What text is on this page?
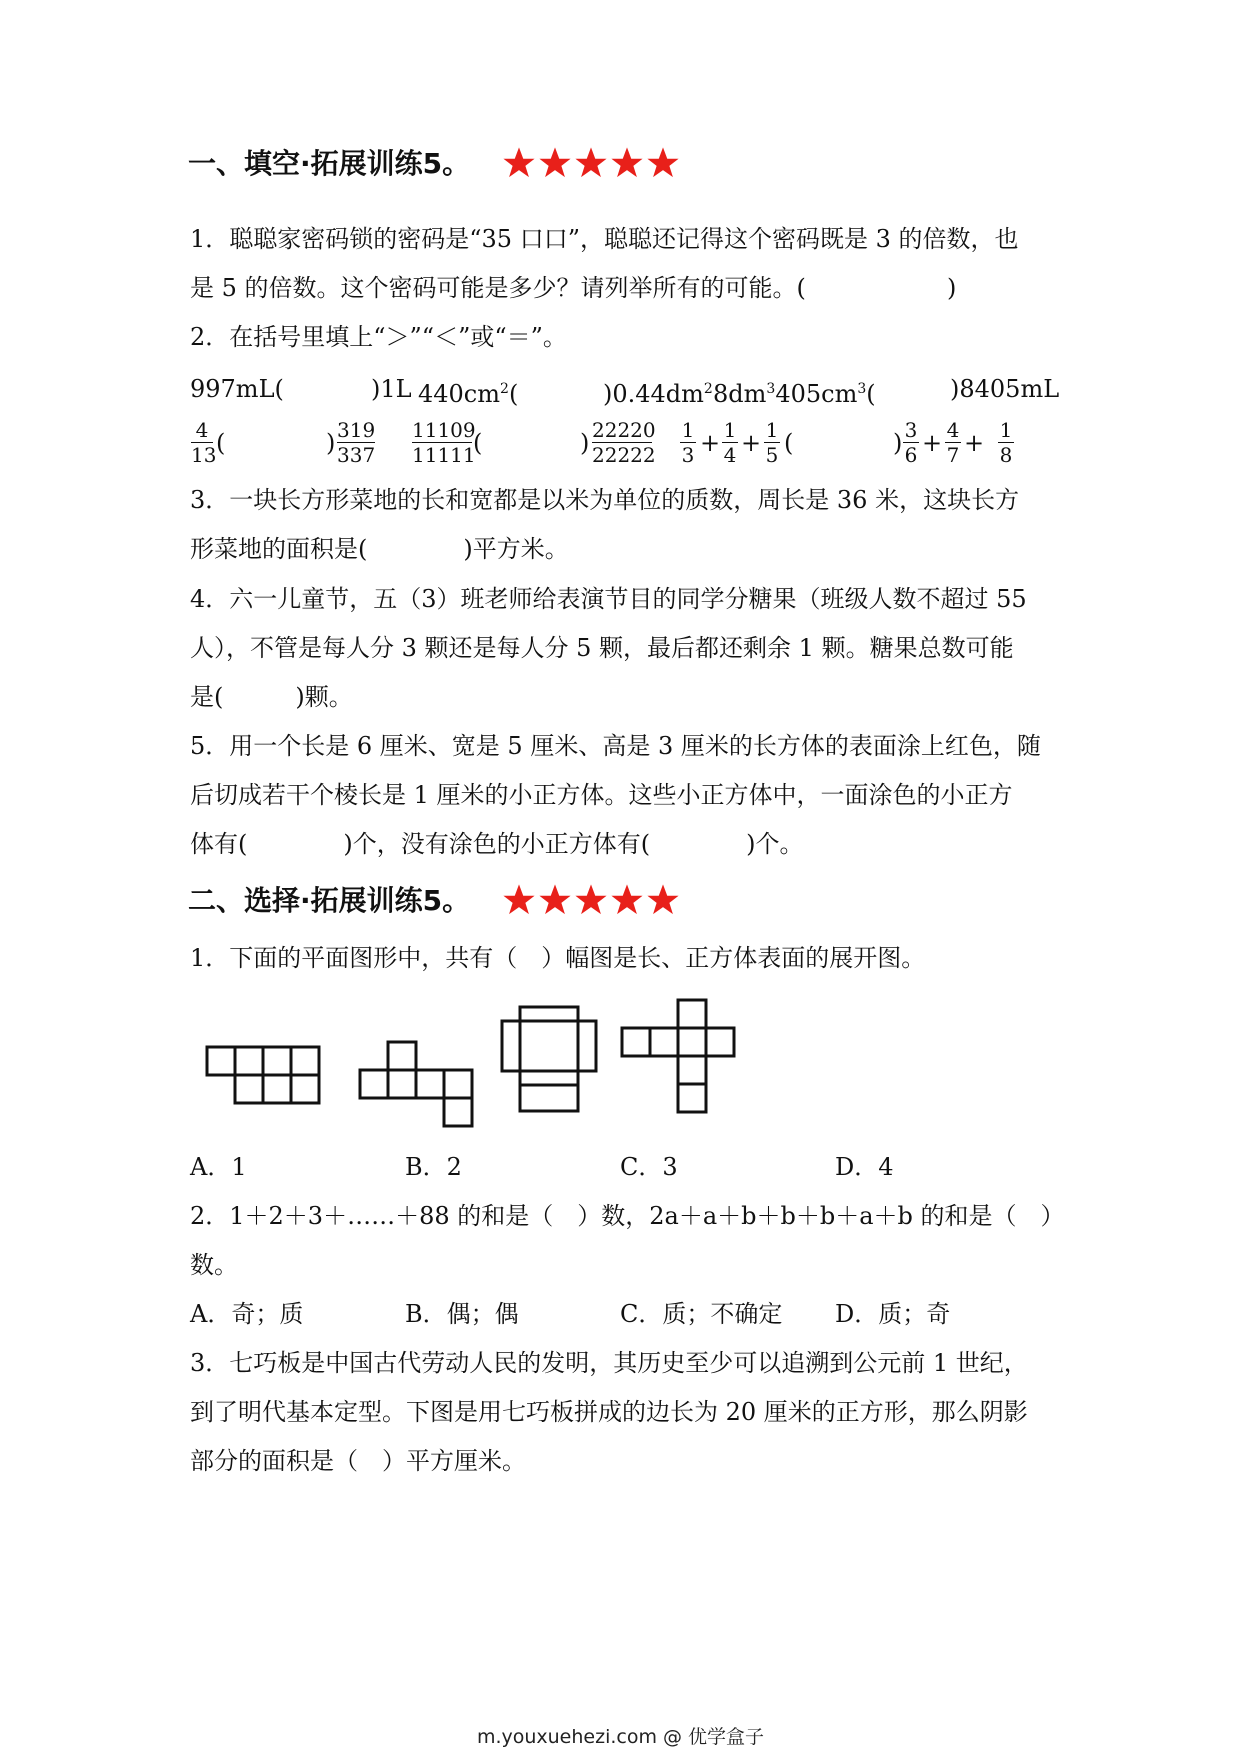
一、填空·拓展训练5。
1．聪聪家密码锁的密码是“35 口口”，聪聪还记得这个密码既是 3 的倍数，也
是 5 的倍数。这个密码可能是多少？请列举所有的可能。(	)
2．在括号里填上“＞”“＜”或“＝”。
997mL(	)1L $440cm^2$(	)$0.44dm^2$ $8dm^3405cm^3$(	)8405mL
4
13 (	) 319
337
11109
11111
(	) 22220
22222
1
3 + 1
4 + 1
5 (	) 3
6 + 4
7 + 1
8
3．一块长方形菜地的长和宽都是以米为单位的质数，周长是 36 米，这块长方
形菜地的面积是(　　　　)平方米。
4．六一儿童节，五（3）班老师给表演节目的同学分糖果（班级人数不超过 55
人），不管是每人分 3 颗还是每人分 5 颗，最后都还剩余 1 颗。糖果总数可能
是(　　　)颗。
5．用一个长是 6 厘米、宽是 5 厘米、高是 3 厘米的长方体的表面涂上红色，随
后切成若干个棱长是 1 厘米的小正方体。这些小正方体中，一面涂色的小正方
体有(　　　　)个，没有涂色的小正方体有(　　　　)个。
二、选择·拓展训练5。
1．下面的平面图形中，共有（　）幅图是长、正方体表面的展开图。
A．1	B．2	C．3	D．4
2．1＋2＋3＋……＋88 的和是（　）数，2a＋a＋b＋b＋b＋a＋b 的和是（　）
数。
A．奇；质	B．偶；偶	C．质；不确定 D．质；奇
3．七巧板是中国古代劳动人民的发明，其历史至少可以追溯到公元前 1 世纪，
到了明代基本定型。下图是用七巧板拼成的边长为 20 厘米的正方形，那么阴影
部分的面积是（　）平方厘米。
m.youxuehezi.com @ 优学盒子
